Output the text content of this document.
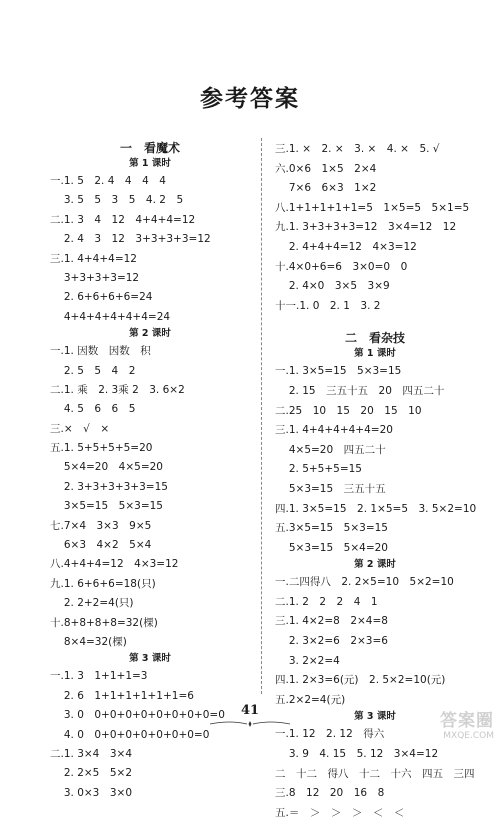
参考答案
一　看魔术
第 1 课时
一.1. 5　2. 4　4　4　4
　 3. 5　5　3　5　4. 2　5
二.1. 3　4　12　4+4+4=12
　 2. 4　3　12　3+3+3+3=12
三.1. 4+4+4=12
　 3+3+3+3=12
　 2. 6+6+6+6=24
　 4+4+4+4+4+4=24
第 2 课时
一.1. 因数　因数　积
　 2. 5　5　4　2
二.1. 乘　2. 3乘 2　3. 6×2
　 4. 5　6　6　5
三.×　√　×
五.1. 5+5+5+5=20
　 5×4=20　4×5=20
　 2. 3+3+3+3+3=15
　 3×5=15　5×3=15
七.7×4　3×3　9×5
　 6×3　4×2　5×4
八.4+4+4=12　4×3=12
九.1. 6+6+6=18(只)
　 2. 2+2=4(只)
十.8+8+8+8=32(棵)
　 8×4=32(棵)
第 3 课时
一.1. 3　1+1+1=3
　 2. 6　1+1+1+1+1+1=6
　 3. 0　0+0+0+0+0+0+0+0=0
　 4. 0　0+0+0+0+0+0+0=0
二.1. 3×4　3×4
　 2. 2×5　5×2
　 3. 0×3　3×0
三.1. ×　2. ×　3. ×　4. ×　5. √
六.0×6　1×5　2×4
　 7×6　6×3　1×2
八.1+1+1+1+1=5　1×5=5　5×1=5
九.1. 3+3+3+3=12　3×4=12　12
　 2. 4+4+4=12　4×3=12
十.4×0+6=6　3×0=0　0
　 2. 4×0　3×5　3×9
十一.1. 0　2. 1　3. 2
二　看杂技
第 1 课时
一.1. 3×5=15　5×3=15
　 2. 15　三五十五　20　四五二十
二.25　10　15　20　15　10
三.1. 4+4+4+4+4=20
　 4×5=20　四五二十
　 2. 5+5+5=15
　 5×3=15　三五十五
四.1. 3×5=15　2. 1×5=5　3. 5×2=10
五.3×5=15　5×3=15
　 5×3=15　5×4=20
第 2 课时
一.二四得八　2. 2×5=10　5×2=10
二.1. 2　2　2　4　1
三.1. 4×2=8　2×4=8
　 2. 3×2=6　2×3=6
　 3. 2×2=4
四.1. 2×3=6(元)　2. 5×2=10(元)
五.2×2=4(元)
第 3 课时
一.1. 12　2. 12　得六
　 3. 9　4. 15　5. 12　3×4=12
二　十二　得八　十二　十六　四五　三四
三.8　12　20　16　8
五.＝　＞　＞　＞　＜　＜
41
答案圈
MXQE.COM
